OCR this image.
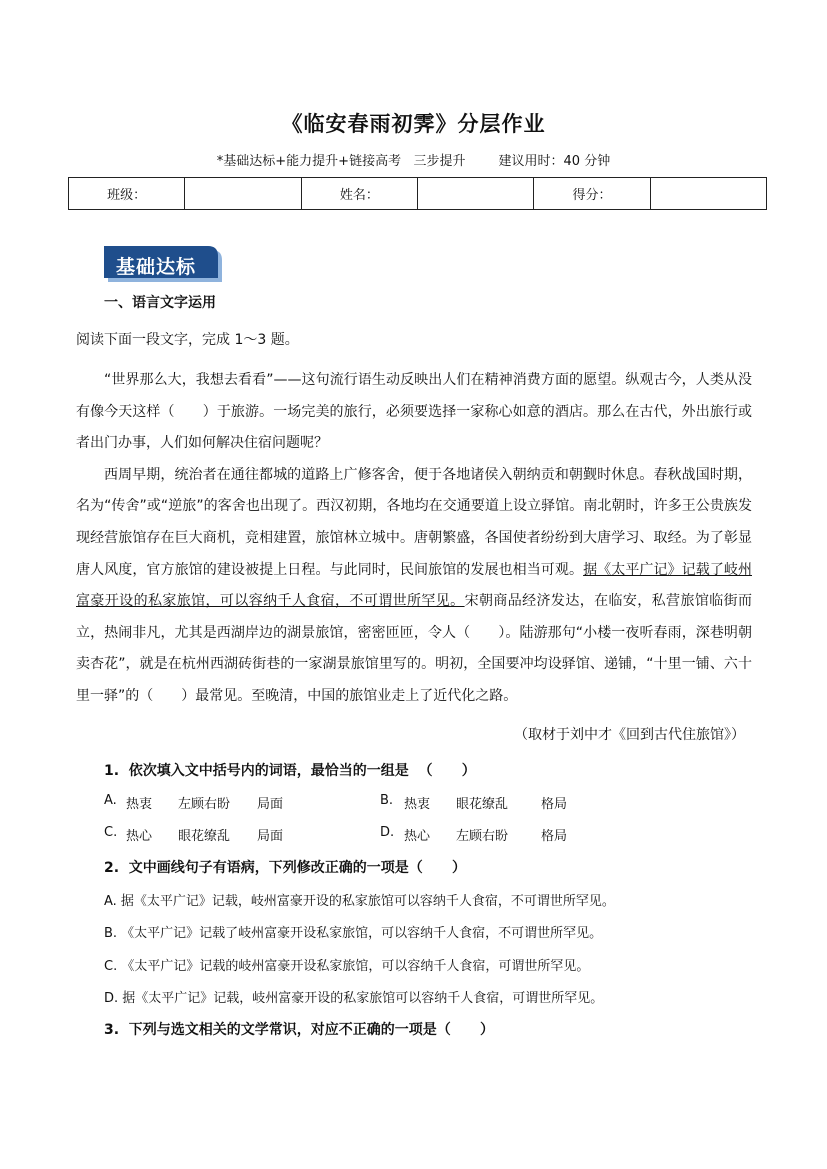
《临安春雨初霁》分层作业
*基础达标+能力提升+链接高考   三步提升        建议用时：40 分钟
班级：		姓名：		得分：	
基础达标
一、语言文字运用
阅读下面一段文字，完成 1～3 题。

“世界那么大，我想去看看”——这句流行语生动反映出人们在精神消费方面的愿望。纵观古今，人类从没有像今天这样（　　）于旅游。一场完美的旅行，必须要选择一家称心如意的酒店。那么在古代，外出旅行或者出门办事，人们如何解决住宿问题呢？

西周早期，统治者在通往都城的道路上广修客舍，便于各地诸侯入朝纳贡和朝觐时休息。春秋战国时期，名为“传舍”或“逆旅”的客舍也出现了。西汉初期，各地均在交通要道上设立驿馆。南北朝时，许多王公贵族发现经营旅馆存在巨大商机，竞相建置，旅馆林立城中。唐朝繁盛，各国使者纷纷到大唐学习、取经。为了彰显唐人风度，官方旅馆的建设被提上日程。与此同时，民间旅馆的发展也相当可观。据《太平广记》记载了岐州富豪开设的私家旅馆，可以容纳千人食宿，不可谓世所罕见。宋朝商品经济发达，在临安，私营旅馆临街而立，热闹非凡，尤其是西湖岸边的湖景旅馆，密密匝匝，令人（　　）。陆游那句“小楼一夜听春雨，深巷明朝卖杏花”，就是在杭州西湖砖街巷的一家湖景旅馆里写的。明初，全国要冲均设驿馆、递铺，“十里一铺、六十里一驿”的（　　）最常见。至晚清，中国的旅馆业走上了近代化之路。

（取材于刘中才《回到古代住旅馆》）
1.  依次填入文中括号内的词语，最恰当的一组是  （      ）
A. 热衷 左顾右盼 局面	B. 热衷 眼花缭乱	格局
C. 热心 眼花缭乱 局面	D. 热心 左顾右盼	格局
2.  文中画线句子有语病，下列修改正确的一项是（      ）
A. 据《太平广记》记载，岐州富豪开设的私家旅馆可以容纳千人食宿，不可谓世所罕见。
B. 《太平广记》记载了岐州富豪开设私家旅馆，可以容纳千人食宿，不可谓世所罕见。
C. 《太平广记》记载的岐州富豪开设私家旅馆，可以容纳千人食宿，可谓世所罕见。
D. 据《太平广记》记载，岐州富豪开设的私家旅馆可以容纳千人食宿，可谓世所罕见。
3.  下列与选文相关的文学常识，对应不正确的一项是（      ）
